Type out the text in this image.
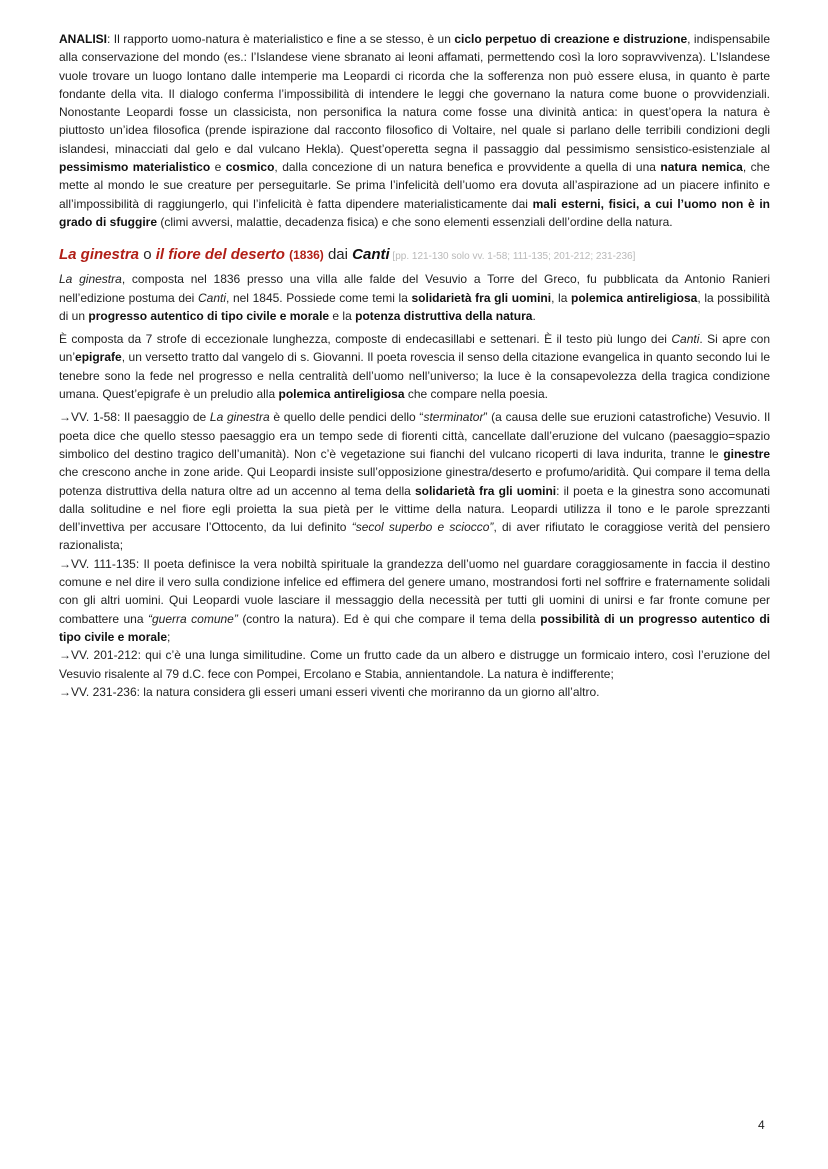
ANALISI: Il rapporto uomo-natura è materialistico e fine a se stesso, è un ciclo perpetuo di creazione e distruzione, indispensabile alla conservazione del mondo (es.: l’Islandese viene sbranato ai leoni affamati, permettendo così la loro sopravvivenza). L’Islandese vuole trovare un luogo lontano dalle intemperie ma Leopardi ci ricorda che la sofferenza non può essere elusa, in quanto è parte fondante della vita. Il dialogo conferma l’impossibilità di intendere le leggi che governano la natura come buone o provvidenziali. Nonostante Leopardi fosse un classicista, non personifica la natura come fosse una divinità antica: in quest’opera la natura è piuttosto un’idea filosofica (prende ispirazione dal racconto filosofico di Voltaire, nel quale si parlano delle terribili condizioni degli islandesi, minacciati dal gelo e dal vulcano Hekla). Quest’operetta segna il passaggio dal pessimismo sensistico-esistenziale al pessimismo materialistico e cosmico, dalla concezione di un natura benefica e provvidente a quella di una natura nemica, che mette al mondo le sue creature per perseguitarle. Se prima l’infelicità dell’uomo era dovuta all’aspirazione ad un piacere infinito e all’impossibilità di raggiungerlo, qui l’infelicità è fatta dipendere materialisticamente dai mali esterni, fisici, a cui l’uomo non è in grado di sfuggire (climi avversi, malattie, decadenza fisica) e che sono elementi essenziali dell’ordine della natura.

La ginestra o il fiore del deserto (1836) dai Canti [pp. 121-130 solo vv. 1-58; 111-135; 201-212; 231-236]

La ginestra, composta nel 1836 presso una villa alle falde del Vesuvio a Torre del Greco, fu pubblicata da Antonio Ranieri nell’edizione postuma dei Canti, nel 1845. Possiede come temi la solidarietà fra gli uomini, la polemica antireligiosa, la possibilità di un progresso autentico di tipo civile e morale e la potenza distruttiva della natura.

È composta da 7 strofe di eccezionale lunghezza, composte di endecasillabi e settenari. È il testo più lungo dei Canti. Si apre con un’epigrafe, un versetto tratto dal vangelo di s. Giovanni. Il poeta rovescia il senso della citazione evangelica in quanto secondo lui le tenebre sono la fede nel progresso e nella centralità dell’uomo nell’universo; la luce è la consapevolezza della tragica condizione umana. Quest’epigrafe è un preludio alla polemica antireligiosa che compare nella poesia.

→VV. 1-58: Il paesaggio de La ginestra è quello delle pendici dello “sterminator” (a causa delle sue eruzioni catastrofiche) Vesuvio. Il poeta dice che quello stesso paesaggio era un tempo sede di fiorenti città, cancellate dall’eruzione del vulcano (paesaggio=spazio simbolico del destino tragico dell’umanità). Non c’è vegetazione sui fianchi del vulcano ricoperti di lava indurita, tranne le ginestre che crescono anche in zone aride. Qui Leopardi insiste sull’opposizione ginestra/deserto e profumo/aridità. Qui compare il tema della potenza distruttiva della natura oltre ad un accenno al tema della solidarietà fra gli uomini: il poeta e la ginestra sono accomunati dalla solitudine e nel fiore egli proietta la sua pietà per le vittime della natura. Leopardi utilizza il tono e le parole sprezzanti dell’invettiva per accusare l’Ottocento, da lui definito “secol superbo e sciocco”, di aver rifiutato le coraggiose verità del pensiero razionalista;

→VV. 111-135: Il poeta definisce la vera nobiltà spirituale la grandezza dell’uomo nel guardare coraggiosamente in faccia il destino comune e nel dire il vero sulla condizione infelice ed effimera del genere umano, mostrandosi forti nel soffrire e fraternamente solidali con gli altri uomini. Qui Leopardi vuole lasciare il messaggio della necessità per tutti gli uomini di unirsi e far fronte comune per combattere una “guerra comune” (contro la natura). Ed è qui che compare il tema della possibilità di un progresso autentico di tipo civile e morale;

→VV. 201-212: qui c’è una lunga similitudine. Come un frutto cade da un albero e distrugge un formicaio intero, così l’eruzione del Vesuvio risalente al 79 d.C. fece con Pompei, Ercolano e Stabia, annientandole. La natura è indifferente;

→VV. 231-236: la natura considera gli esseri umani esseri viventi che moriranno da un giorno all’altro.

4
